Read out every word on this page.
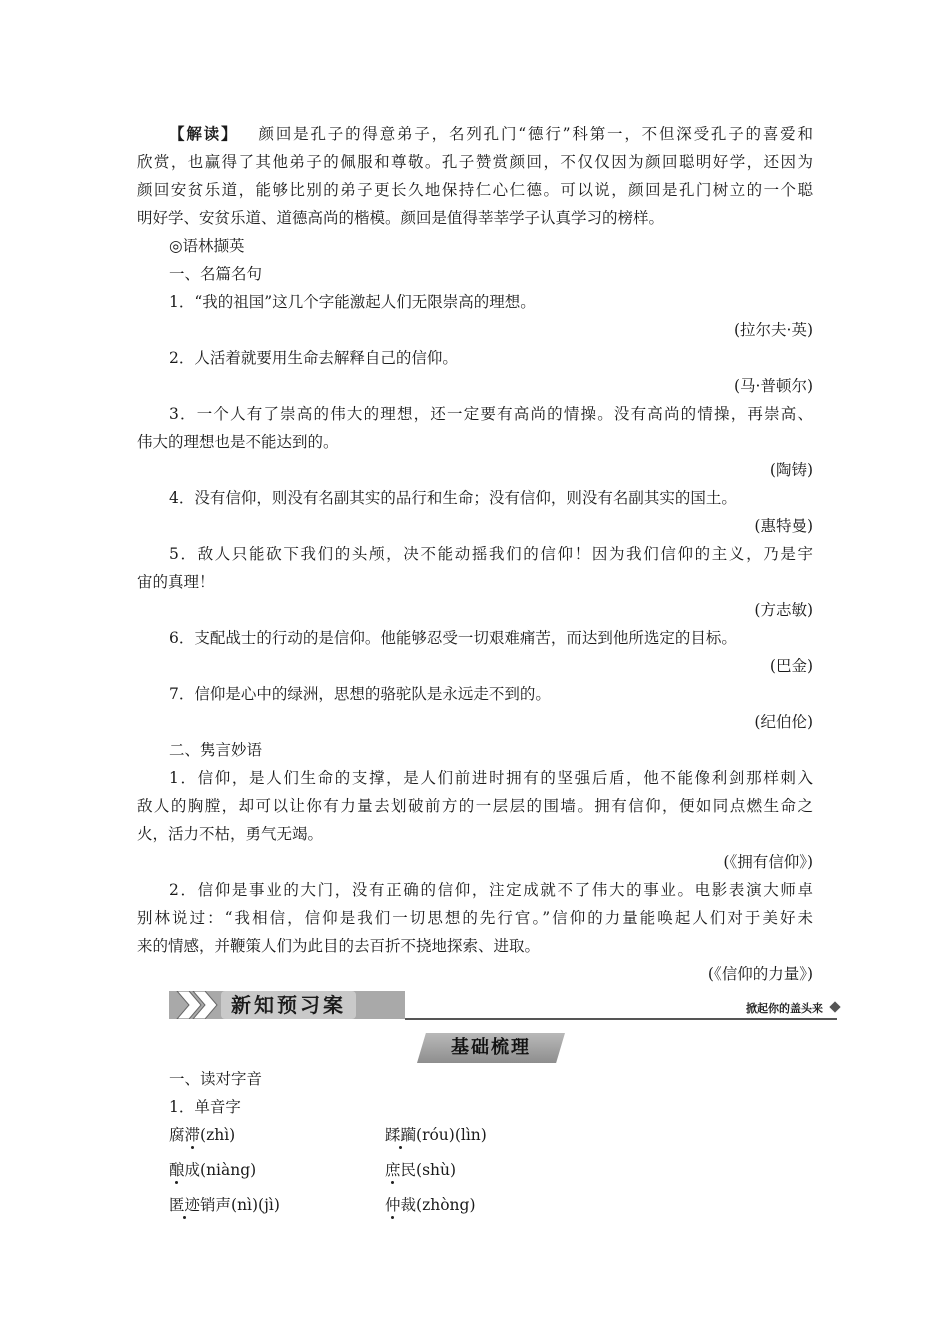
【解读】 颜回是孔子的得意弟子，名列孔门“德行”科第一，不但深受孔子的喜爱和
欣赏，也赢得了其他弟子的佩服和尊敬。孔子赞赏颜回，不仅仅因为颜回聪明好学，还因为
颜回安贫乐道，能够比别的弟子更长久地保持仁心仁德。可以说，颜回是孔门树立的一个聪
明好学、安贫乐道、道德高尚的楷模。颜回是值得莘莘学子认真学习的榜样。
◎语林撷英
一、名篇名句
1．“我的祖国”这几个字能激起人们无限崇高的理想。
(拉尔夫·英)
2．人活着就要用生命去解释自己的信仰。
(马·普顿尔)
3．一个人有了崇高的伟大的理想，还一定要有高尚的情操。没有高尚的情操，再崇高、
伟大的理想也是不能达到的。
(陶铸)
4．没有信仰，则没有名副其实的品行和生命；没有信仰，则没有名副其实的国土。
(惠特曼)
5．敌人只能砍下我们的头颅，决不能动摇我们的信仰！因为我们信仰的主义，乃是宇
宙的真理！
(方志敏)
6．支配战士的行动的是信仰。他能够忍受一切艰难痛苦，而达到他所选定的目标。
(巴金)
7．信仰是心中的绿洲，思想的骆驼队是永远走不到的。
(纪伯伦)
二、隽言妙语
1．信仰，是人们生命的支撑，是人们前进时拥有的坚强后盾，他不能像利剑那样刺入
敌人的胸膛，却可以让你有力量去划破前方的一层层的围墙。拥有信仰，便如同点燃生命之
火，活力不枯，勇气无竭。
(《拥有信仰》)
2．信仰是事业的大门，没有正确的信仰，注定成就不了伟大的事业。电影表演大师卓
别林说过：“我相信，信仰是我们一切思想的先行官。”信仰的力量能唤起人们对于美好未
来的情感，并鞭策人们为此目的去百折不挠地探索、进取。
(《信仰的力量》)
新知预习案	掀起你的盖头来
基础梳理
一、读对字音
1．单音字
腐滞(zhì)	蹂躏(róu)(lìn)
酿成(niàng)	庶民(shù)
匿迹销声(nì)(jì)	仲裁(zhòng)
